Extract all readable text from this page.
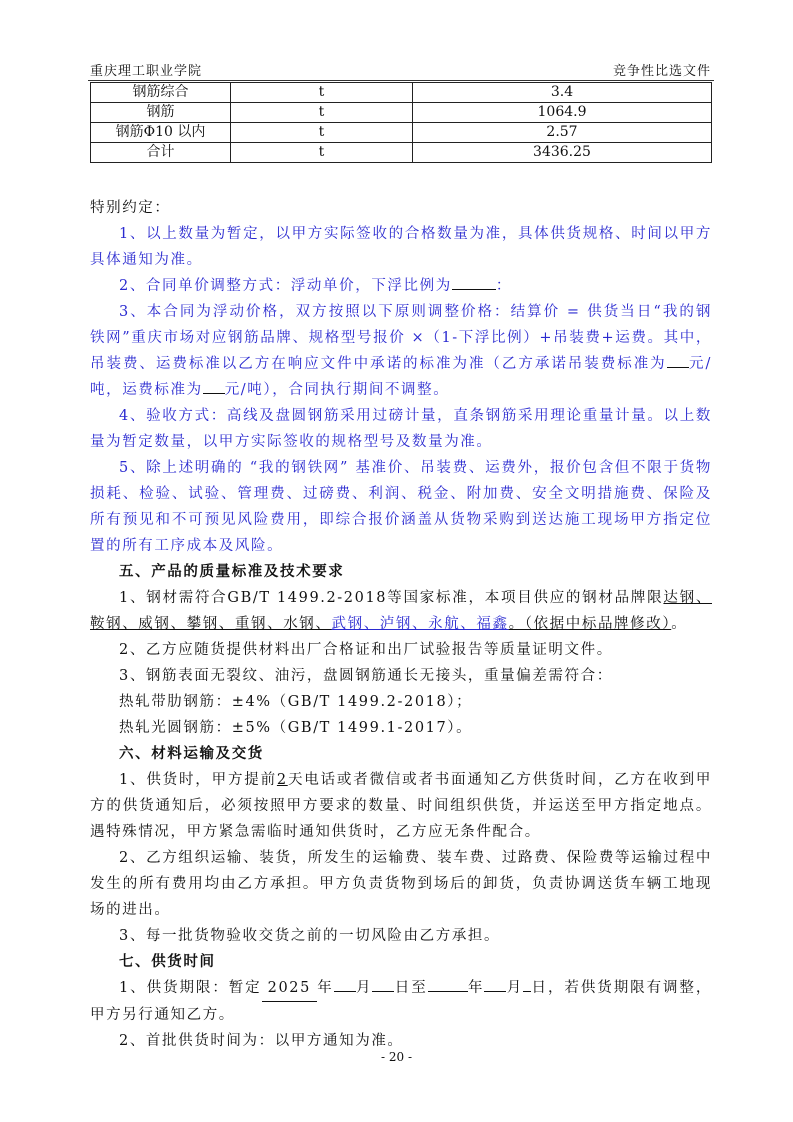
重庆理工职业学院	竞争性比选文件
钢筋综合	t	3.4
钢筋	t	1064.9
钢筋Φ10 以内	t	2.57
合计	t	3436.25

特别约定：

1、以上数量为暂定，以甲方实际签收的合格数量为准，具体供货规格、时间以甲方具体通知为准。

2、合同单价调整方式：浮动单价，下浮比例为	：

3、本合同为浮动价格，双方按照以下原则调整价格：结算价 = 供货当日“我的钢铁网”重庆市场对应钢筋品牌、规格型号报价 ×（1-下浮比例）+吊装费+运费。其中，吊装费、运费标准以乙方在响应文件中承诺的标准为准（乙方承诺吊装费标准为 元/吨，运费标准为 元/吨），合同执行期间不调整。

4、验收方式：高线及盘圆钢筋采用过磅计量，直条钢筋采用理论重量计量。以上数量为暂定数量，以甲方实际签收的规格型号及数量为准。

5、除上述明确的 “我的钢铁网” 基准价、吊装费、运费外，报价包含但不限于货物损耗、检验、试验、管理费、过磅费、利润、税金、附加费、安全文明措施费、保险及所有预见和不可预见风险费用，即综合报价涵盖从货物采购到送达施工现场甲方指定位置的所有工序成本及风险。

五、产品的质量标准及技术要求

1、钢材需符合GB/T 1499.2-2018等国家标准，本项目供应的钢材品牌限达钢、鞍钢、威钢、攀钢、重钢、水钢、武钢、泸钢、永航、福鑫。（依据中标品牌修改）。

2、乙方应随货提供材料出厂合格证和出厂试验报告等质量证明文件。

3、钢筋表面无裂纹、油污，盘圆钢筋通长无接头，重量偏差需符合：

热轧带肋钢筋：±4%（GB/T 1499.2-2018）；

热轧光圆钢筋：±5%（GB/T 1499.1-2017）。

六、材料运输及交货

1、供货时，甲方提前2天电话或者微信或者书面通知乙方供货时间，乙方在收到甲方的供货通知后，必须按照甲方要求的数量、时间组织供货，并运送至甲方指定地点。遇特殊情况，甲方紧急需临时通知供货时，乙方应无条件配合。

2、乙方组织运输、装货，所发生的运输费、装车费、过路费、保险费等运输过程中发生的所有费用均由乙方承担。甲方负责货物到场后的卸货，负责协调送货车辆工地现场的进出。

3、每一批货物验收交货之前的一切风险由乙方承担。

七、供货时间

1、供货期限：暂定 2025 年 月 日至	年 月 日，若供货期限有调整，甲方另行通知乙方。

2、首批供货时间为：以甲方通知为准。

- 20 -
